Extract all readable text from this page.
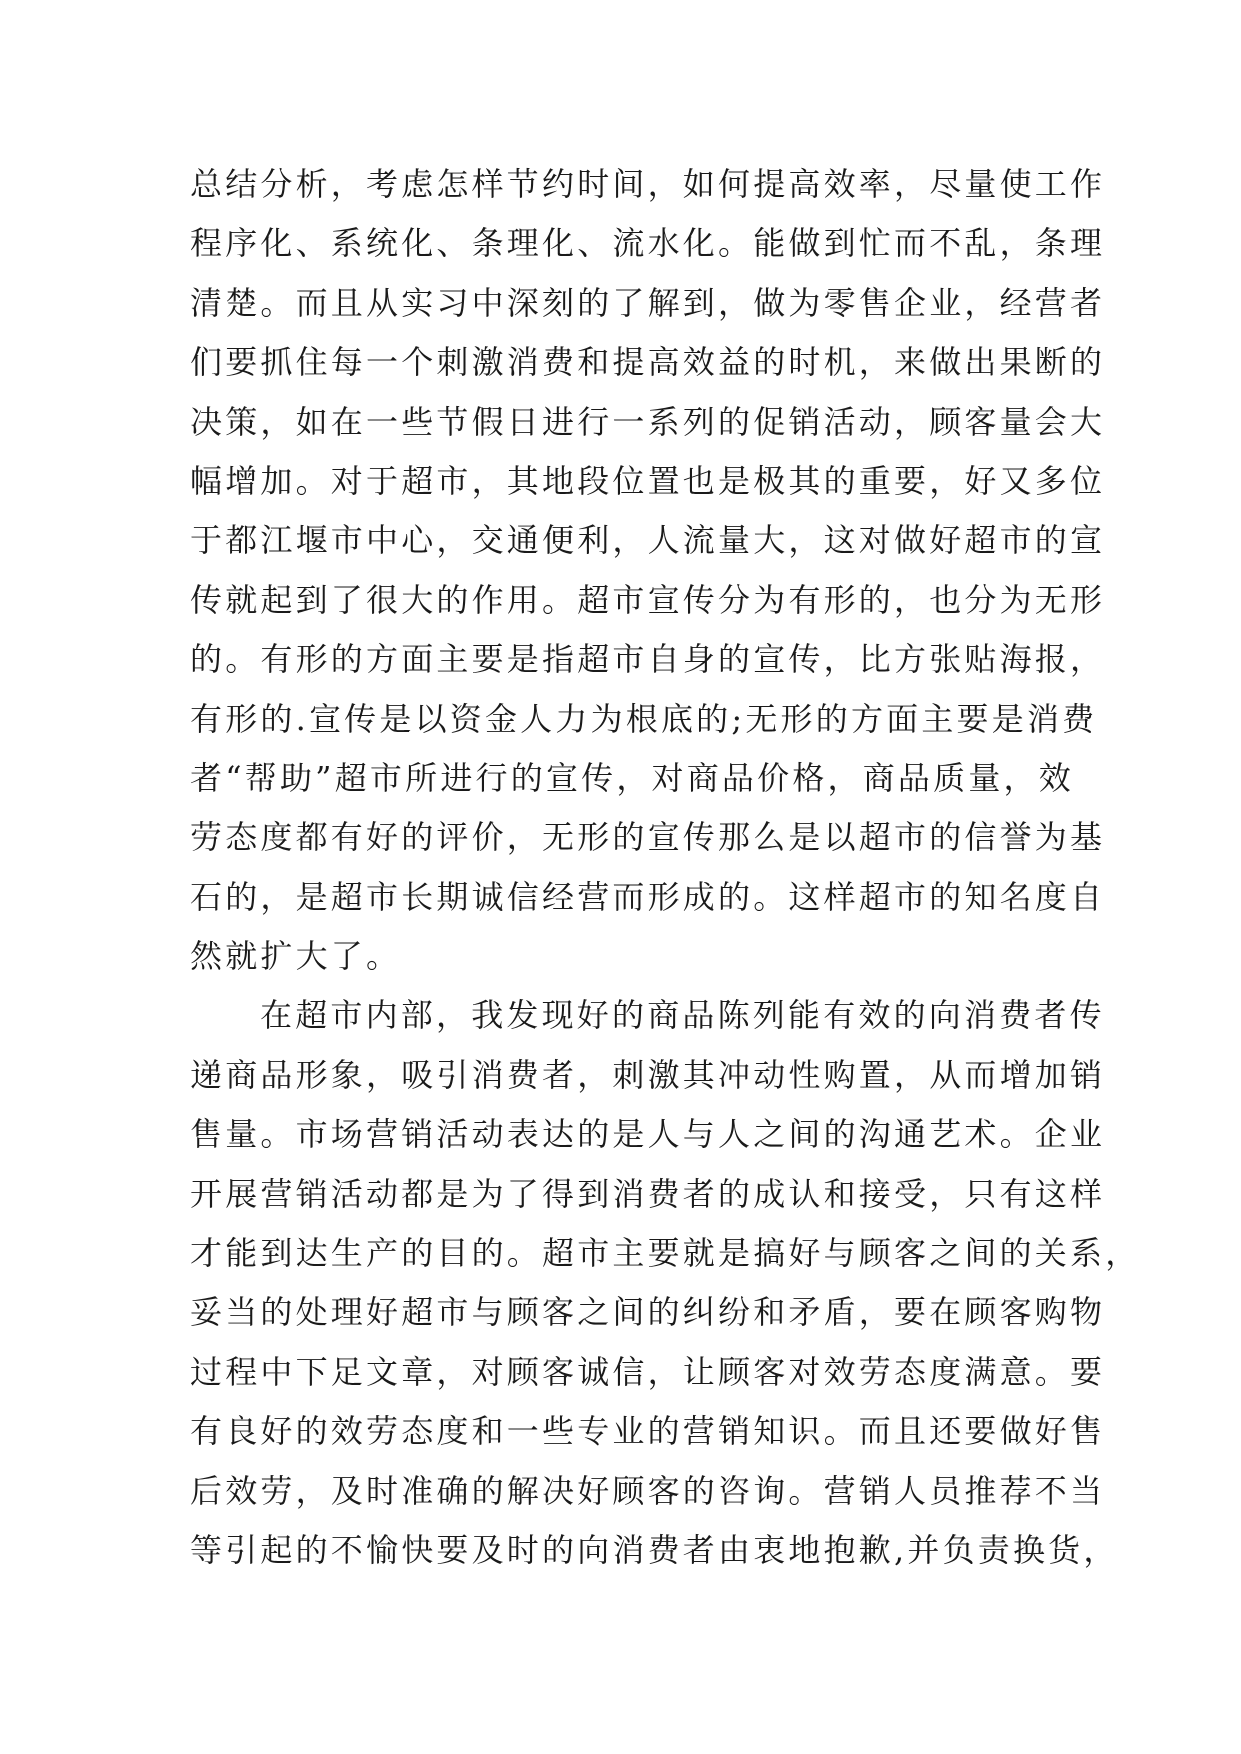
总结分析，考虑怎样节约时间，如何提高效率，尽量使工作
程序化、系统化、条理化、流水化。能做到忙而不乱，条理
清楚。而且从实习中深刻的了解到，做为零售企业，经营者
们要抓住每一个刺激消费和提高效益的时机，来做出果断的
决策，如在一些节假日进行一系列的促销活动，顾客量会大
幅增加。对于超市，其地段位置也是极其的重要，好又多位
于都江堰市中心，交通便利，人流量大，这对做好超市的宣
传就起到了很大的作用。超市宣传分为有形的，也分为无形
的。有形的方面主要是指超市自身的宣传，比方张贴海报，
有形的.宣传是以资金人力为根底的;无形的方面主要是消费
者“帮助”超市所进行的宣传，对商品价格，商品质量，效
劳态度都有好的评价，无形的宣传那么是以超市的信誉为基
石的，是超市长期诚信经营而形成的。这样超市的知名度自
然就扩大了。
在超市内部，我发现好的商品陈列能有效的向消费者传
递商品形象，吸引消费者，刺激其冲动性购置，从而增加销
售量。市场营销活动表达的是人与人之间的沟通艺术。企业
开展营销活动都是为了得到消费者的成认和接受，只有这样
才能到达生产的目的。超市主要就是搞好与顾客之间的关系，
妥当的处理好超市与顾客之间的纠纷和矛盾，要在顾客购物
过程中下足文章，对顾客诚信，让顾客对效劳态度满意。要
有良好的效劳态度和一些专业的营销知识。而且还要做好售
后效劳，及时准确的解决好顾客的咨询。营销人员推荐不当
等引起的不愉快要及时的向消费者由衷地抱歉,并负责换货，
